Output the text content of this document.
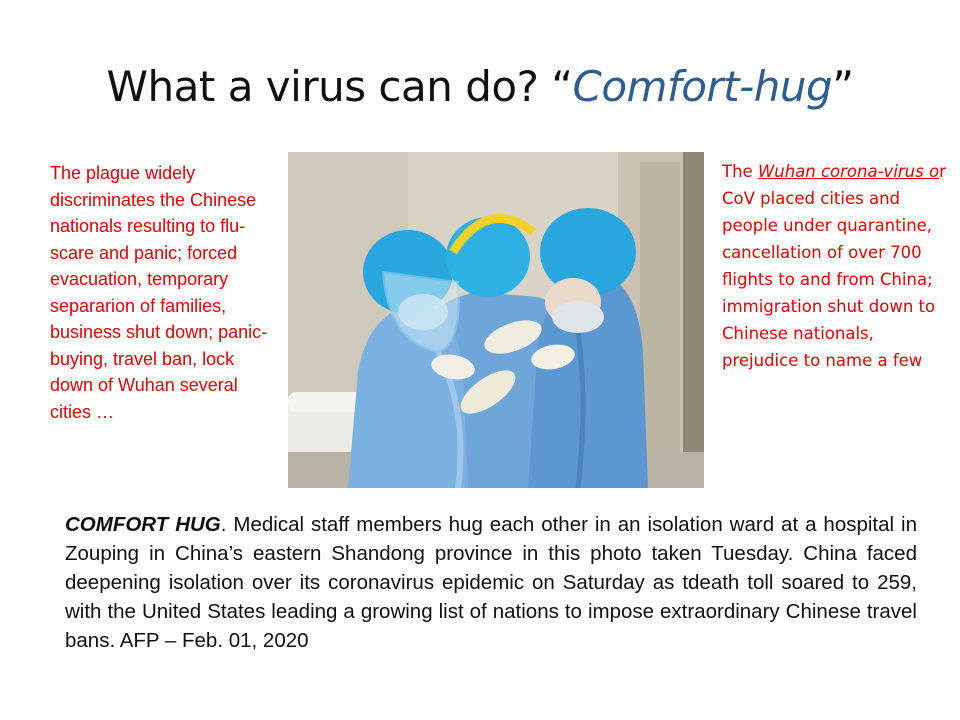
What a virus can do? “Comfort-hug”
The plague widely discriminates the Chinese nationals resulting to flu-scare and panic; forced evacuation, temporary separarion of families, business shut down; panic-buying, travel ban, lock down of Wuhan several cities …
The Wuhan corona-virus or CoV placed cities and people under quarantine, cancellation of over 700 flights to and from China; immigration shut down to Chinese nationals, prejudice to name a few
COMFORT HUG. Medical staff members hug each other in an isolation ward at a hospital in Zouping in China’s eastern Shandong province in this photo taken Tuesday. China faced deepening isolation over its coronavirus epidemic on Saturday as tdeath toll soared to 259, with the United States leading a growing list of nations to impose extraordinary Chinese travel bans. AFP – Feb. 01, 2020
